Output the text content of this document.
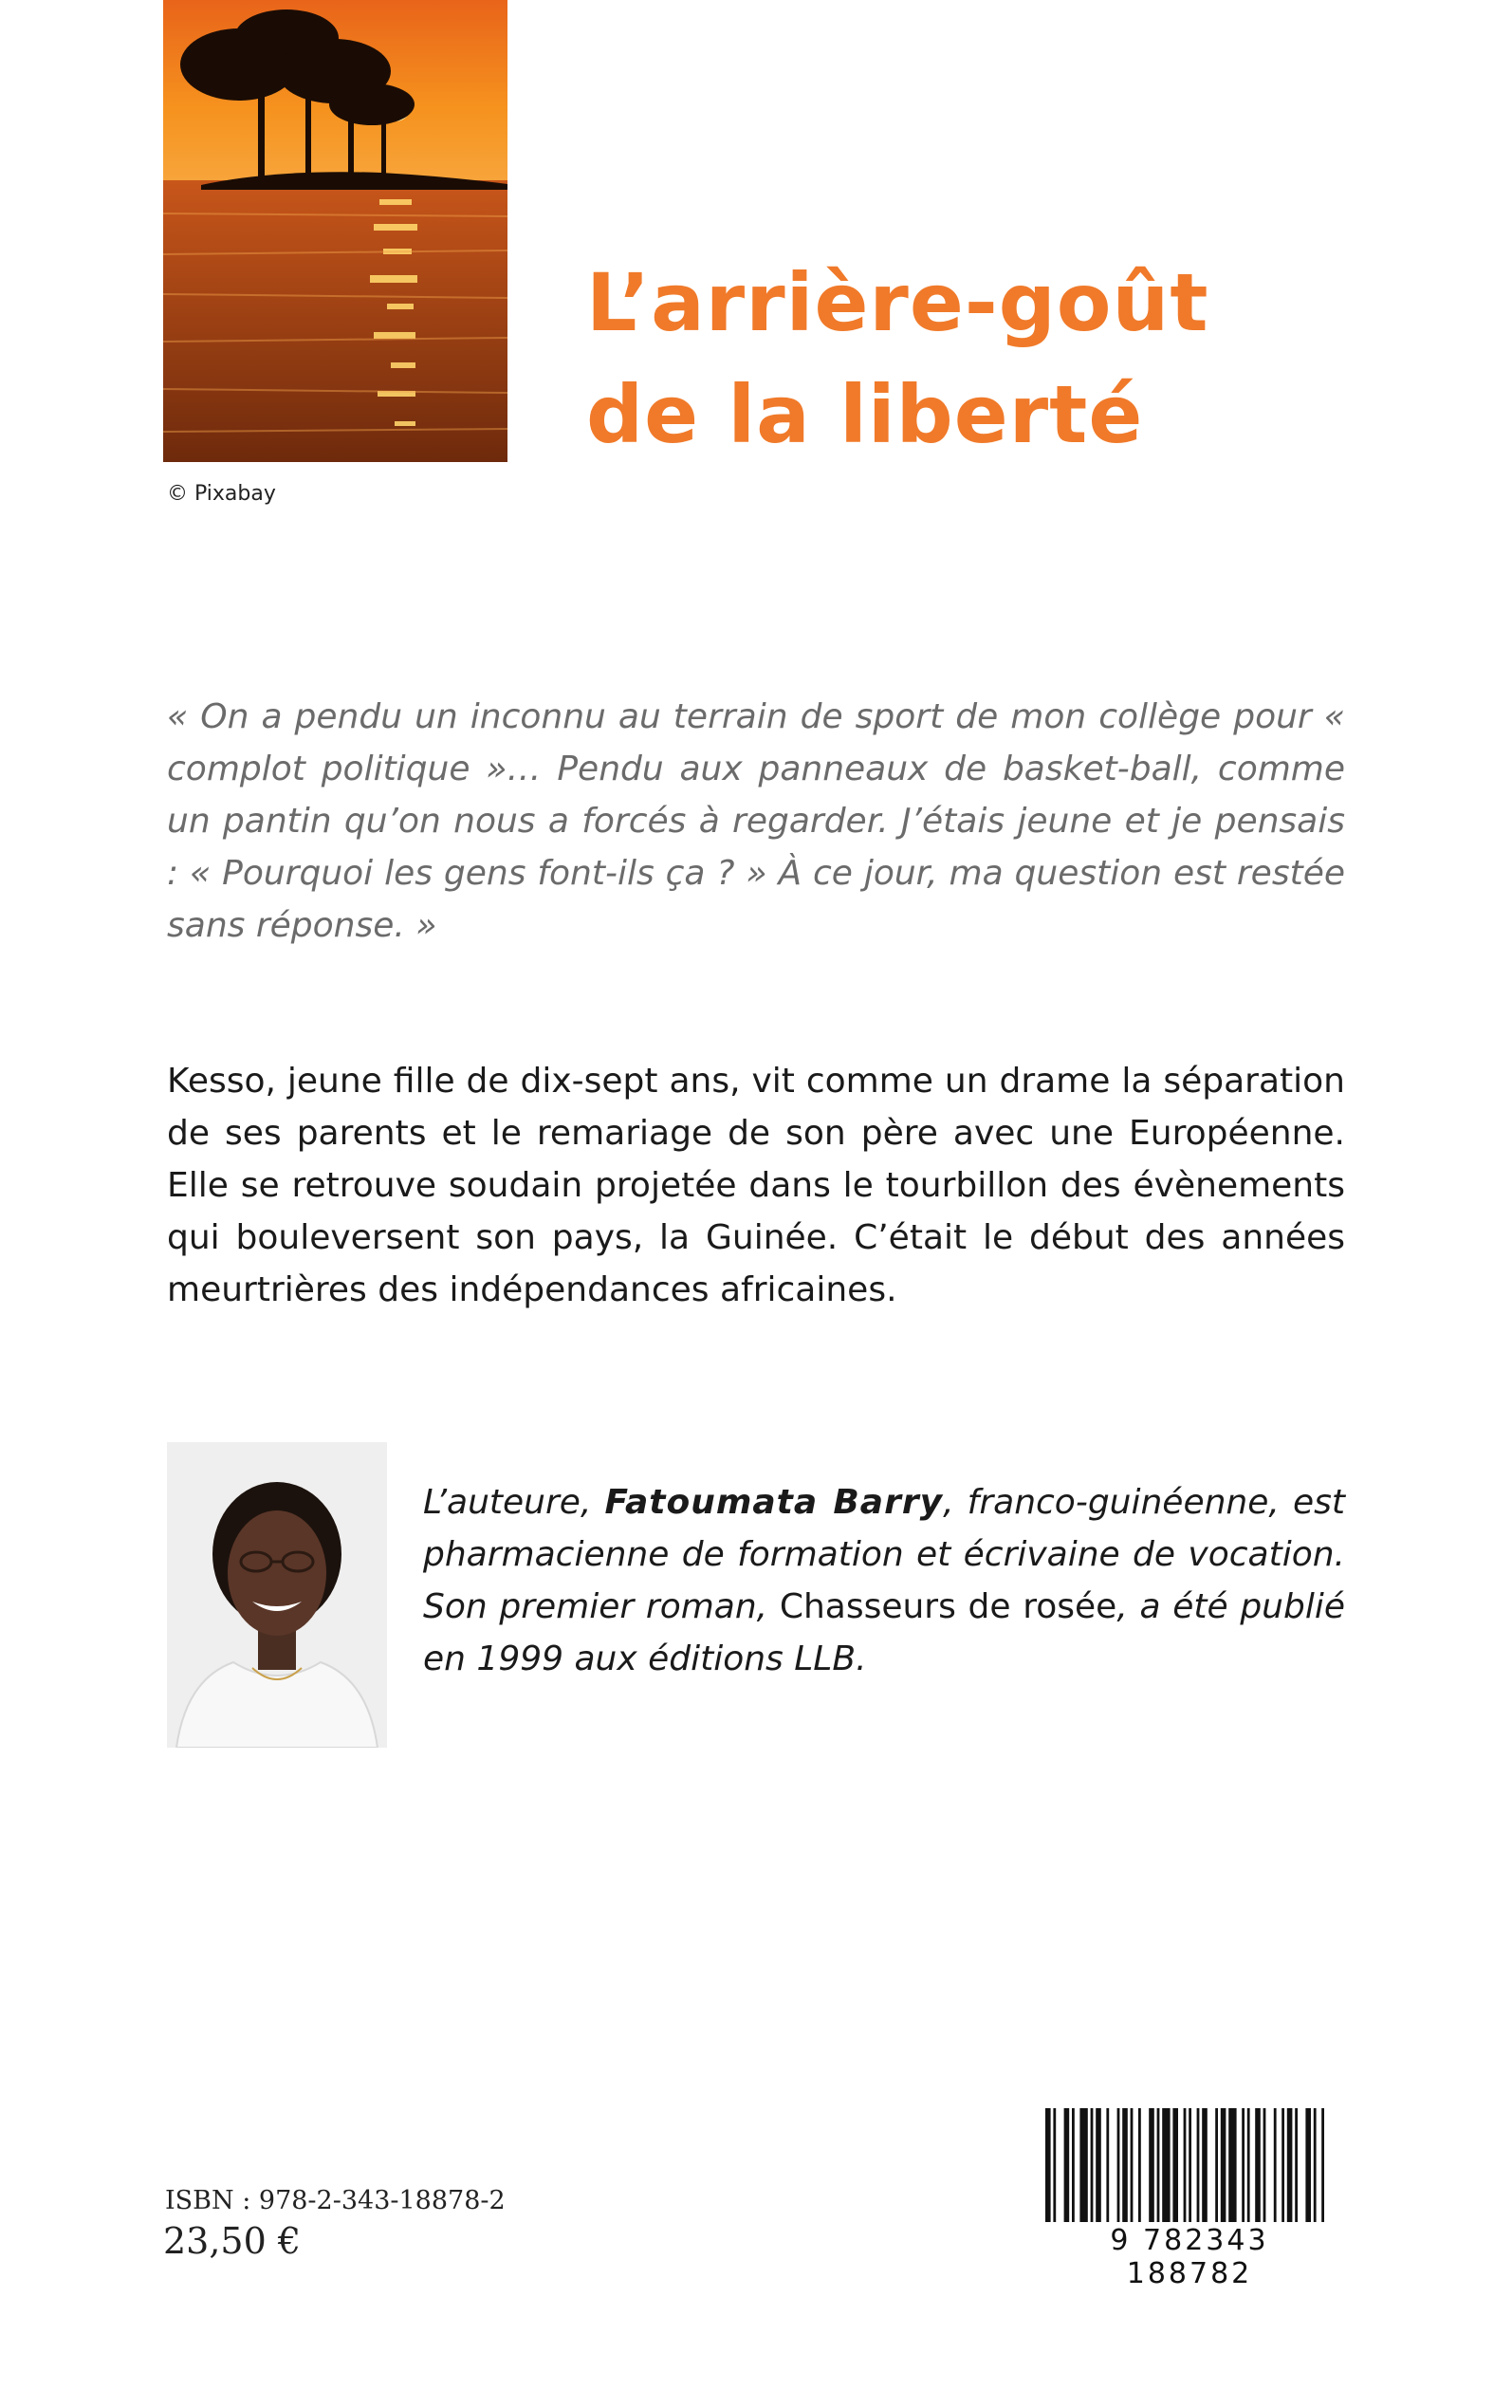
© Pixabay
L’arrière-goût
de la liberté
« On a pendu un inconnu au terrain de sport de mon collège pour « complot politique »… Pendu aux panneaux de basket-ball, comme un pantin qu’on nous a forcés à regarder. J’étais jeune et je pensais : « Pourquoi les gens font-ils ça ? » À ce jour, ma question est restée sans réponse. »
Kesso, jeune fille de dix-sept ans, vit comme un drame la séparation de ses parents et le remariage de son père avec une Européenne. Elle se retrouve soudain projetée dans le tourbillon des évènements qui bouleversent son pays, la Guinée. C’était le début des années meurtrières des indépendances africaines.
L’auteure, Fatoumata Barry, franco-guinéenne, est pharmacienne de formation et écrivaine de vocation. Son premier roman, Chasseurs de rosée, a été publié en 1999 aux éditions LLB.
ISBN : 978-2-343-18878-2
23,50 €	9 782343 188782
